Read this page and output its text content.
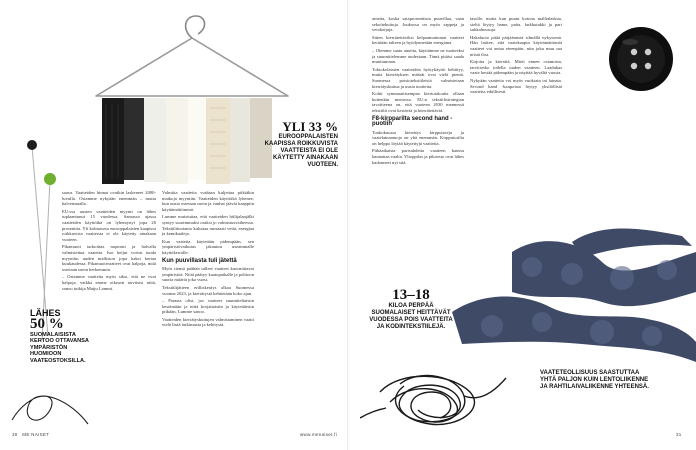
YLI 33 %
EUROOPPALAISTEN KAAPISSA ROIKKUVISTA VAATTEISTA EI OLE KÄYTETTY AINAKAAN VUOTEEN.

saava. Vaatteiden hinnat ovatkin laskeneet 2000-luvulla. Ostamme nykyään enemmän – mutta halvemmalla.

EU:ssa uusien vaatteiden myynti on lähes tuplaantunut 15 vuodessa. Samassa ajassa vaatteiden käyttöikä on lyhentynyt jopa 20 prosenttia. Yli kolmasosa eurooppalaisten kaapissa roikkuvista vaatteista ei ole käytetty ainakaan vuoteen.

Pikamuoti tarkoittaa nopeasti ja halvalla valmistettua vaatetta. Isot ketjut voivat tuoda myyntiin uuden malliston jopa kaksi kertaa kuukaudessa. Pikamuotivaatteet ovat halpoja, mitä ostetaan usein herkemmin.

– Ostamme vaatteita myös siksi, että ne ovat halpoja, vaikka emme oikeasti tarvitsisi niitä, sanoo tutkija Maiju Lammi.

Valmiita vaatteita voidaan kuljettaa pitkiäkin matkoja myyntiin. Vaatteiden käyttöikä lyhenee, kun uusia ostetaan usein ja vanhat jäävät kaappiin käyttämättöminä.

Lumme muistuttaa, että vaatteiden hiilijalanjälki syntyy suurimmaksi osaksi jo valmistusvaiheessa. Tekstiilituotanto kuluttaa runsaasti vettä, energiaa ja kemikaaleja.

Kun vaatetta käytetään pidempään, sen ympäristövaikutus jakautuu useammalle käyttökerralle.

Kun puuvillasta tuli jätettä

Myös tiensä päähän tulleet vaatteet kuormittavat ympäristöä. Niitä päätyy kaatopaikalle ja polttoon suuria määriä joka vuosi.

Tekstiilijätteen erilliskeräys alkaa Suomessa vuonna 2023, ja kierrätystä kehitetään koko ajan.

– Parasta olisi, jos vaatteet suunniteltaisiin kestämään ja niitä korjattaisiin ja käytettäisiin pitkään, Lumme sanoo.

Vaatteiden kierrätyskuitujen valmistaminen vaatii vielä lisää tutkimusta ja kehitystä.

LÄHES
50 %
SUOMALAISISTA KERTOO OTTAVANSA YMPÄRISTÖN HUOMIOON VAATEOSTOKSILLA.
30 ME NAISET	www.menaiset.fi

aineita, koska sataprosenttista puuvillaa, vaan sekoitekuituja. Joukossa on myös sappeja ja vetoketjuja.

Sitten kierrätettäviksi kelpaamattomat vaatteet kerätään talteen ja hyödynnetään energiana.

– Olemme saatu aineita, käyttämme ne tuotteeksi ja suunnittelemme uudestaan. Tämä pitäisi saada muuttumaan.

Tokiokolaisten vaatteiden hyötykäyttö kehittyy, mutta kierrätyksen määrät ovat vielä pieniä. Suomessa poistotekstiileistä valmistetaan kierrätyskuitua ja uusia tuotteita.

Kohti symmaattisempaa kiertotaloutta ollaan kuitenkin menossa. EU:n tekstiilistrategian tavoitteena on, että vuoteen 2030 mennessä tekstiilit ovat kestäviä ja kierrätettäviä.

F8-kirpparilta second hand -puotiin

Toukokuussa kierrätys kirpputoreja ja vaatelainaamoja on yhä enemmän. Kirpputorilta on helppo löytää käytettyjä vaatteita.

Pitkäaikaista parisuhdetta vaatteen kanssa kannattaa vaalia. Ylioppilas ja pikaosto ovat lähes kadonneet nyt sitä.

tasolle, mutta kun puran kotona mallialaskua, sieltä löytyy hame, paita, farkkutakki ja pari sukkahousuja.

Hakaluoto pitää pärjäämistä silmällä nykyisenä. Hän laskee, että vaatekaapin käyttämättömät vaatteet voi antaa eteenpäin, niin joku muu saa niistä iloa.

Kirjoita ja kierrätä. Mieti ennen ostamista, tarvitsetko todella uuden vaatteen. Laadukas vaate kestää pidempään ja näyttää hyvältä vuosia.

Nykyään vaatteita voi myös vuokrata tai lainata. Second hand -kaupoista löytyy yksilöllisiä vaatteita edullisesti.

13–18
KILOA PERPÄÄ SUOMALAISET HEITTÄVÄT VUODESSA POIS VAATTEITA JA KODINTEKSTIILEJÄ.
VAATETEOLLISUUS SAASTUTTAA YHTÄ PALJON KUIN LENTOLIIKENNE JA RAHTILAIVALIIKENNE YHTEENSÄ.
31
